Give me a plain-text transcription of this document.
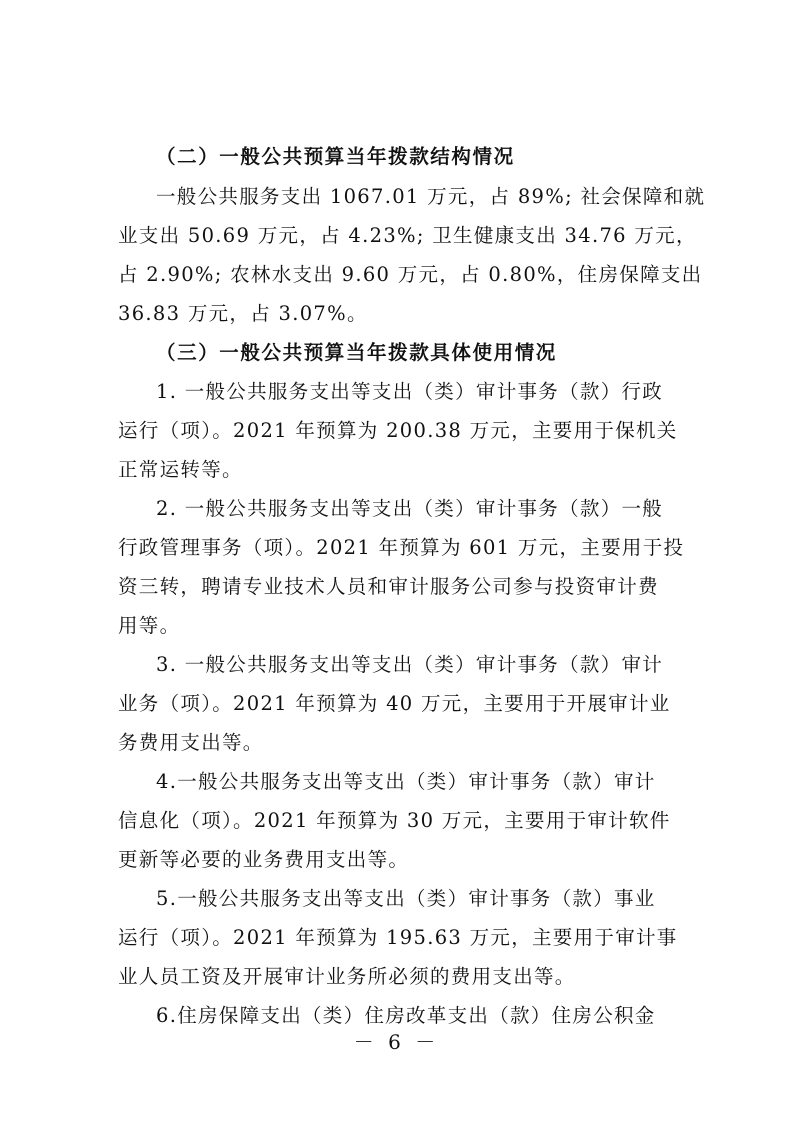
（二）一般公共预算当年拨款结构情况
一般公共服务支出 1067.01 万元，占 89%; 社会保障和就
业支出 50.69 万元，占 4.23%; 卫生健康支出 34.76 万元，
占 2.90%; 农林水支出 9.60 万元，占 0.80%，住房保障支出
36.83 万元，占 3.07%。
（三）一般公共预算当年拨款具体使用情况
1. 一般公共服务支出等支出（类）审计事务（款）行政
运行（项）。2021 年预算为 200.38 万元，主要用于保机关
正常运转等。
2. 一般公共服务支出等支出（类）审计事务（款）一般
行政管理事务（项）。2021 年预算为 601 万元，主要用于投
资三转，聘请专业技术人员和审计服务公司参与投资审计费
用等。
3. 一般公共服务支出等支出（类）审计事务（款）审计
业务（项）。2021 年预算为 40 万元，主要用于开展审计业
务费用支出等。
4.一般公共服务支出等支出（类）审计事务（款）审计
信息化（项）。2021 年预算为 30 万元，主要用于审计软件
更新等必要的业务费用支出等。
5.一般公共服务支出等支出（类）审计事务（款）事业
运行（项）。2021 年预算为 195.63 万元，主要用于审计事
业人员工资及开展审计业务所必须的费用支出等。
6.住房保障支出（类）住房改革支出（款）住房公积金
－ 6 －
